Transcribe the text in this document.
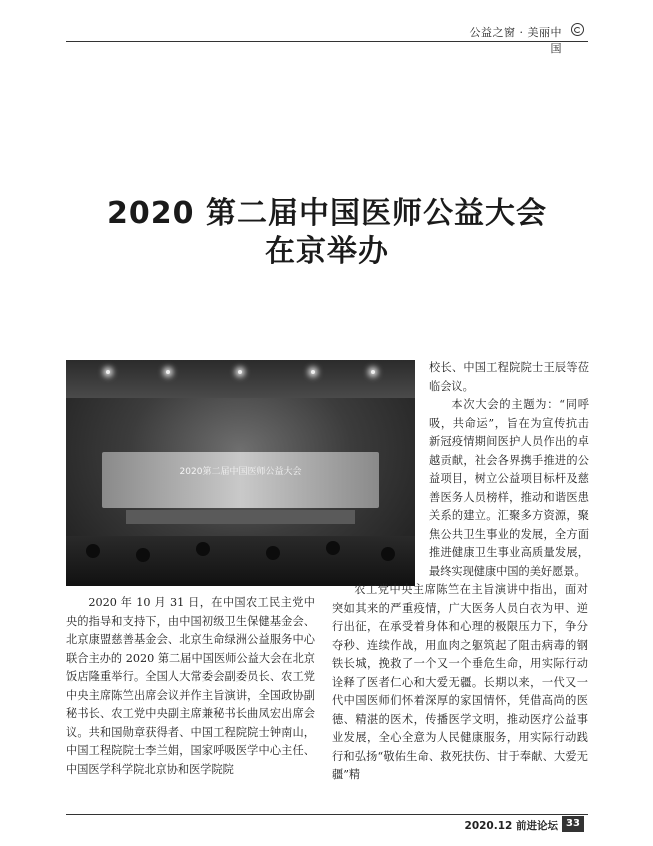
公益之窗 · 美丽中国
2020 第二届中国医师公益大会
在京举办
2020第二届中国医师公益大会

2020 年 10 月 31 日，在中国农工民主党中央的指导和支持下，由中国初级卫生保健基金会、北京康盟慈善基金会、北京生命绿洲公益服务中心联合主办的 2020 第二届中国医师公益大会在北京饭店隆重举行。全国人大常委会副委员长、农工党中央主席陈竺出席会议并作主旨演讲，全国政协副秘书长、农工党中央副主席兼秘书长曲凤宏出席会议。共和国勋章获得者、中国工程院院士钟南山，中国工程院院士李兰娟，国家呼吸医学中心主任、中国医学科学院北京协和医学院院

校长、中国工程院院士王辰等莅临会议。

本次大会的主题为：“同呼吸，共命运”，旨在为宣传抗击新冠疫情期间医护人员作出的卓越贡献，社会各界携手推进的公益项目，树立公益项目标杆及慈善医务人员榜样，推动和谐医患关系的建立。汇聚多方资源，聚焦公共卫生事业的发展，全方面推进健康卫生事业高质量发展，最终实现健康中国的美好愿景。

农工党中央主席陈竺在主旨演讲中指出，面对突如其来的严重疫情，广大医务人员白衣为甲、逆行出征，在承受着身体和心理的极限压力下，争分夺秒、连续作战，用血肉之躯筑起了阻击病毒的钢铁长城，挽救了一个又一个垂危生命，用实际行动诠释了医者仁心和大爱无疆。长期以来，一代又一代中国医师们怀着深厚的家国情怀，凭借高尚的医德、精湛的医术，传播医学文明，推动医疗公益事业发展，全心全意为人民健康服务，用实际行动践行和弘扬“敬佑生命、救死扶伤、甘于奉献、大爱无疆”精

2020.12 前进论坛 33
